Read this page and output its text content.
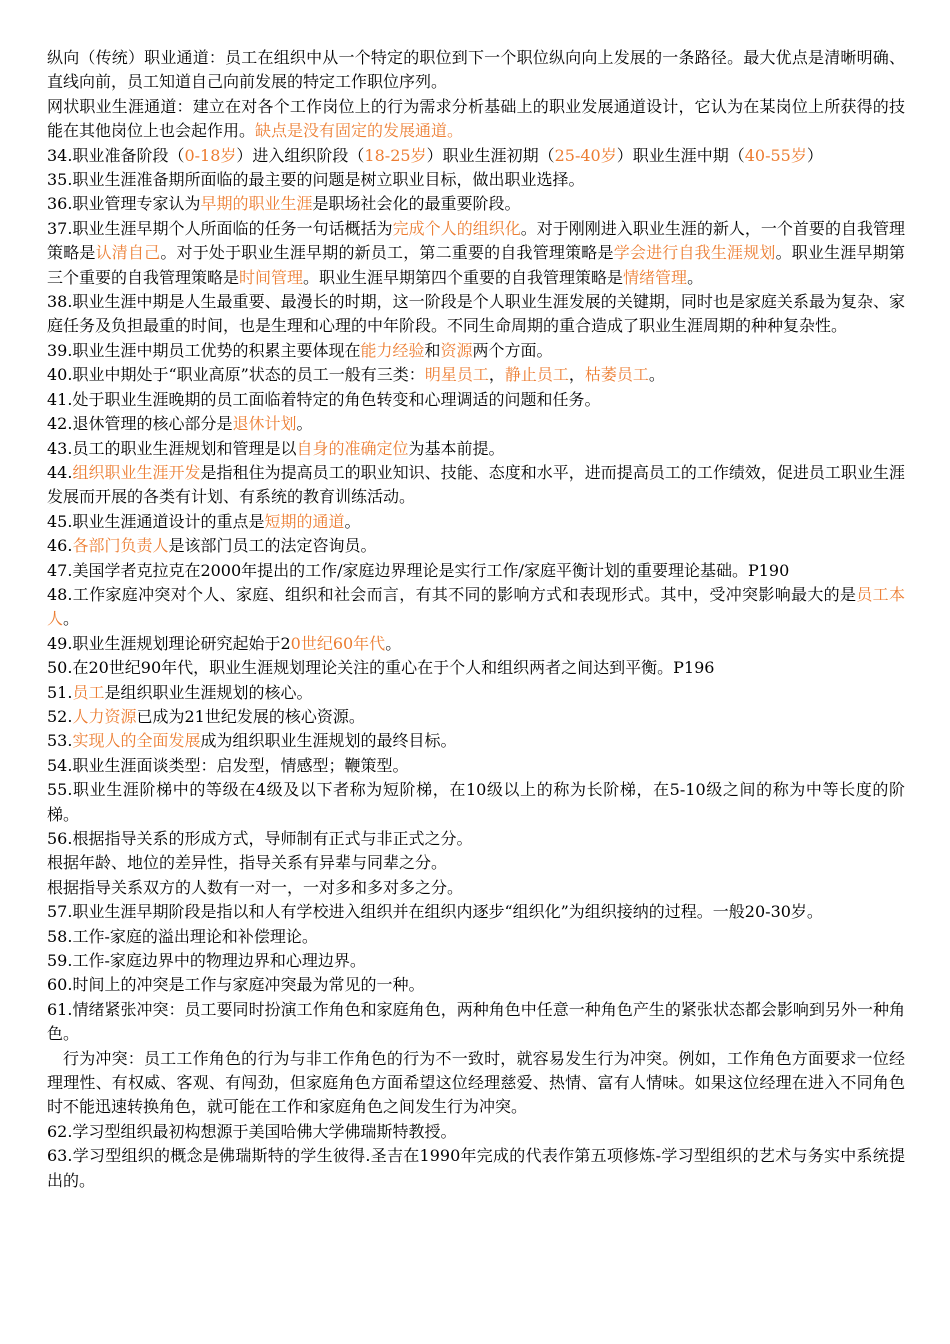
纵向（传统）职业通道：员工在组织中从一个特定的职位到下一个职位纵向向上发展的一条路径。最大优点是清晰明确、直线向前，员工知道自己向前发展的特定工作职位序列。

网状职业生涯通道：建立在对各个工作岗位上的行为需求分析基础上的职业发展通道设计，它认为在某岗位上所获得的技能在其他岗位上也会起作用。缺点是没有固定的发展通道。

34.职业准备阶段（0-18岁）进入组织阶段（18-25岁）职业生涯初期（25-40岁）职业生涯中期（40-55岁）

35.职业生涯准备期所面临的最主要的问题是树立职业目标，做出职业选择。

36.职业管理专家认为早期的职业生涯是职场社会化的最重要阶段。

37.职业生涯早期个人所面临的任务一句话概括为完成个人的组织化。对于刚刚进入职业生涯的新人，一个首要的自我管理策略是认清自己。对于处于职业生涯早期的新员工，第二重要的自我管理策略是学会进行自我生涯规划。职业生涯早期第三个重要的自我管理策略是时间管理。职业生涯早期第四个重要的自我管理策略是情绪管理。

38.职业生涯中期是人生最重要、最漫长的时期，这一阶段是个人职业生涯发展的关键期，同时也是家庭关系最为复杂、家庭任务及负担最重的时间，也是生理和心理的中年阶段。不同生命周期的重合造成了职业生涯周期的种种复杂性。

39.职业生涯中期员工优势的积累主要体现在能力经验和资源两个方面。

40.职业中期处于“职业高原”状态的员工一般有三类：明星员工，静止员工，枯萎员工。

41.处于职业生涯晚期的员工面临着特定的角色转变和心理调适的问题和任务。

42.退休管理的核心部分是退休计划。

43.员工的职业生涯规划和管理是以自身的准确定位为基本前提。

44.组织职业生涯开发是指租住为提高员工的职业知识、技能、态度和水平，进而提高员工的工作绩效，促进员工职业生涯发展而开展的各类有计划、有系统的教育训练活动。

45.职业生涯通道设计的重点是短期的通道。

46.各部门负责人是该部门员工的法定咨询员。

47.美国学者克拉克在2000年提出的工作/家庭边界理论是实行工作/家庭平衡计划的重要理论基础。P190

48.工作家庭冲突对个人、家庭、组织和社会而言，有其不同的影响方式和表现形式。其中，受冲突影响最大的是员工本人。

49.职业生涯规划理论研究起始于20世纪60年代。

50.在20世纪90年代，职业生涯规划理论关注的重心在于个人和组织两者之间达到平衡。P196

51.员工是组织职业生涯规划的核心。

52.人力资源已成为21世纪发展的核心资源。

53.实现人的全面发展成为组织职业生涯规划的最终目标。

54.职业生涯面谈类型：启发型，情感型；鞭策型。

55.职业生涯阶梯中的等级在4级及以下者称为短阶梯，在10级以上的称为长阶梯，在5-10级之间的称为中等长度的阶梯。

56.根据指导关系的形成方式，导师制有正式与非正式之分。

根据年龄、地位的差异性，指导关系有异辈与同辈之分。

根据指导关系双方的人数有一对一，一对多和多对多之分。

57.职业生涯早期阶段是指以和人有学校进入组织并在组织内逐步“组织化”为组织接纳的过程。一般20-30岁。

58.工作-家庭的溢出理论和补偿理论。

59.工作-家庭边界中的物理边界和心理边界。

60.时间上的冲突是工作与家庭冲突最为常见的一种。

61.情绪紧张冲突：员工要同时扮演工作角色和家庭角色，两种角色中任意一种角色产生的紧张状态都会影响到另外一种角色。

行为冲突：员工工作角色的行为与非工作角色的行为不一致时，就容易发生行为冲突。例如，工作角色方面要求一位经理理性、有权威、客观、有闯劲，但家庭角色方面希望这位经理慈爱、热情、富有人情味。如果这位经理在进入不同角色时不能迅速转换角色，就可能在工作和家庭角色之间发生行为冲突。

62.学习型组织最初构想源于美国哈佛大学佛瑞斯特教授。

63.学习型组织的概念是佛瑞斯特的学生彼得.圣吉在1990年完成的代表作第五项修炼-学习型组织的艺术与务实中系统提出的。
